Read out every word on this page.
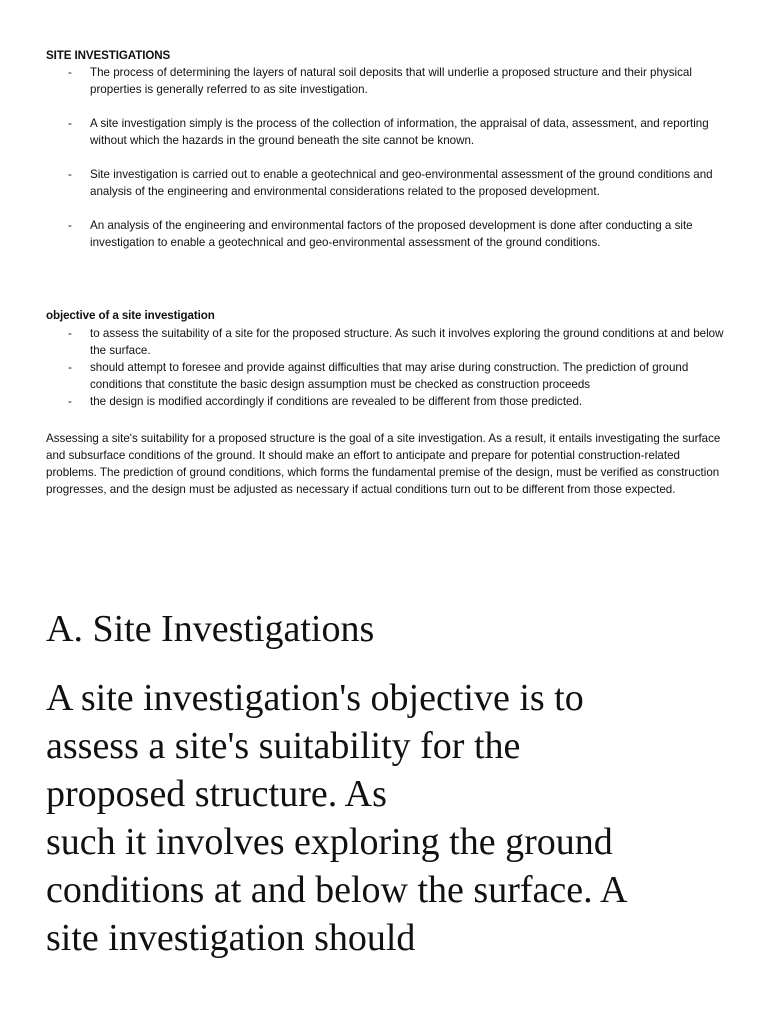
SITE INVESTIGATIONS
- The process of determining the layers of natural soil deposits that will underlie a proposed structure and their physical properties is generally referred to as site investigation.
- A site investigation simply is the process of the collection of information, the appraisal of data, assessment, and reporting without which the hazards in the ground beneath the site cannot be known.
- Site investigation is carried out to enable a geotechnical and geo-environmental assessment of the ground conditions and analysis of the engineering and environmental considerations related to the proposed development.
- An analysis of the engineering and environmental factors of the proposed development is done after conducting a site investigation to enable a geotechnical and geo-environmental assessment of the ground conditions.
objective of a site investigation
- to assess the suitability of a site for the proposed structure. As such it involves exploring the ground conditions at and below the surface.
- should attempt to foresee and provide against difficulties that may arise during construction. The prediction of ground conditions that constitute the basic design assumption must be checked as construction proceeds
- the design is modified accordingly if conditions are revealed to be different from those predicted.

Assessing a site's suitability for a proposed structure is the goal of a site investigation. As a result, it entails investigating the surface and subsurface conditions of the ground. It should make an effort to anticipate and prepare for potential construction-related problems. The prediction of ground conditions, which forms the fundamental premise of the design, must be verified as construction progresses, and the design must be adjusted as necessary if actual conditions turn out to be different from those expected.

A. Site Investigations

A site investigation's objective is to
assess a site's suitability for the
proposed structure. As
such it involves exploring the ground
conditions at and below the surface. A
site investigation should
